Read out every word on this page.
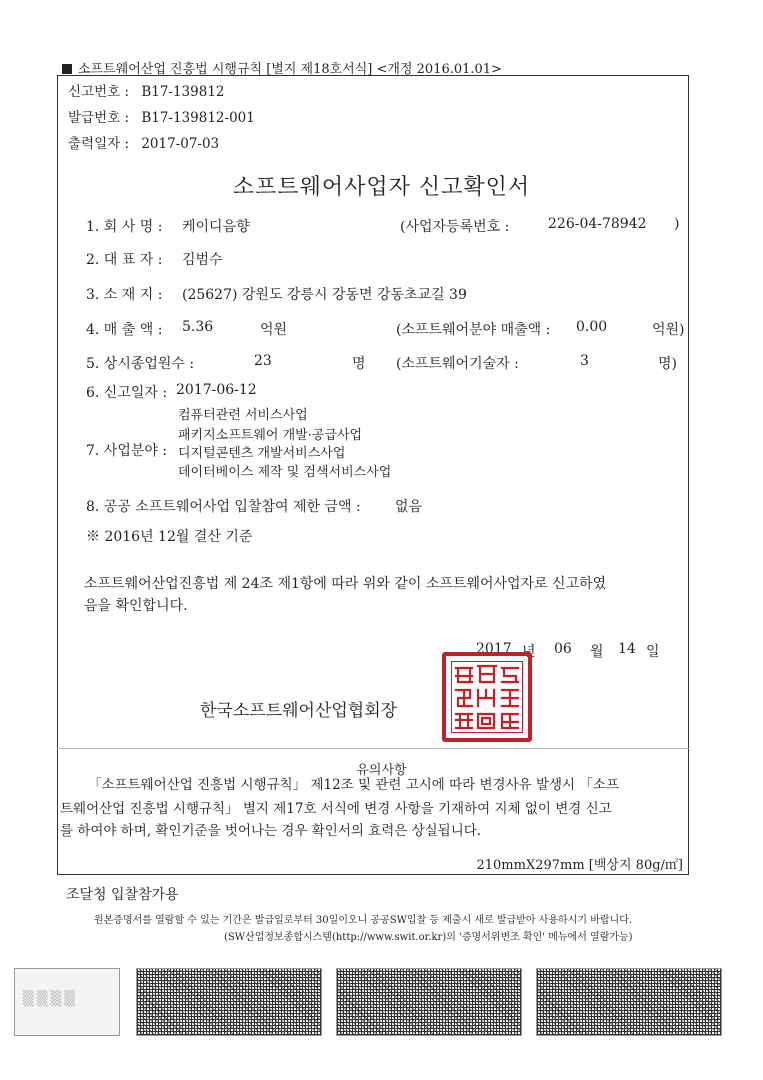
소프트웨어산업 진흥법 시행규칙 [별지 제18호서식] <개정 2016.01.01>
신고번호 : B17-139812
발급번호 : B17-139812-001
출력일자 : 2017-07-03
소프트웨어사업자 신고확인서
1. 회 사 명 : 케이디음향	(사업자등록번호 :	226-04-78942 )
2. 대 표 자 : 김범수
3. 소 재 지 : (25627) 강원도 강릉시 강동면 강동초교길 39
4. 매 출 액 : 5.36	억원	(소프트웨어분야 매출액 : 0.00	억원)
5. 상시종업원수 :	23	명 (소프트웨어기술자 :	3	명)
6. 신고일자 : 2017-06-12
컴퓨터관련 서비스사업
패키지소프트웨어 개발·공급사업
7. 사업분야 : 디지털콘텐츠 개발서비스사업
데이터베이스 제작 및 검색서비스사업
8. 공공 소프트웨어사업 입찰참여 제한 금액 : 없음
※ 2016년 12월 결산 기준
소프트웨어산업진흥법 제 24조 제1항에 따라 위와 같이 소프트웨어사업자로 신고하였
음을 확인합니다.
2017 년 06 월 14 일
한국소프트웨어산업협회장
유의사항
「소프트웨어산업 진흥법 시행규칙」 제12조 및 관련 고시에 따라 변경사유 발생시 「소프
트웨어산업 진흥법 시행규칙」 별지 제17호 서식에 변경 사항을 기재하여 지체 없이 변경 신고
를 하여야 하며, 확인기준을 벗어나는 경우 확인서의 효력은 상실됩니다.
210mmX297mm [백상지 80g/㎡]
조달청 입찰참가용
원본증명서를 열람할 수 있는 기간은 발급일로부터 30일이오니 공공SW입찰 등 제출시 새로 발급받아 사용하시기 바랍니다.
(SW산업정보종합시스템(http://www.swit.or.kr)의 '증명서위변조 확인' 메뉴에서 열람가능)
▒▒▒▒
